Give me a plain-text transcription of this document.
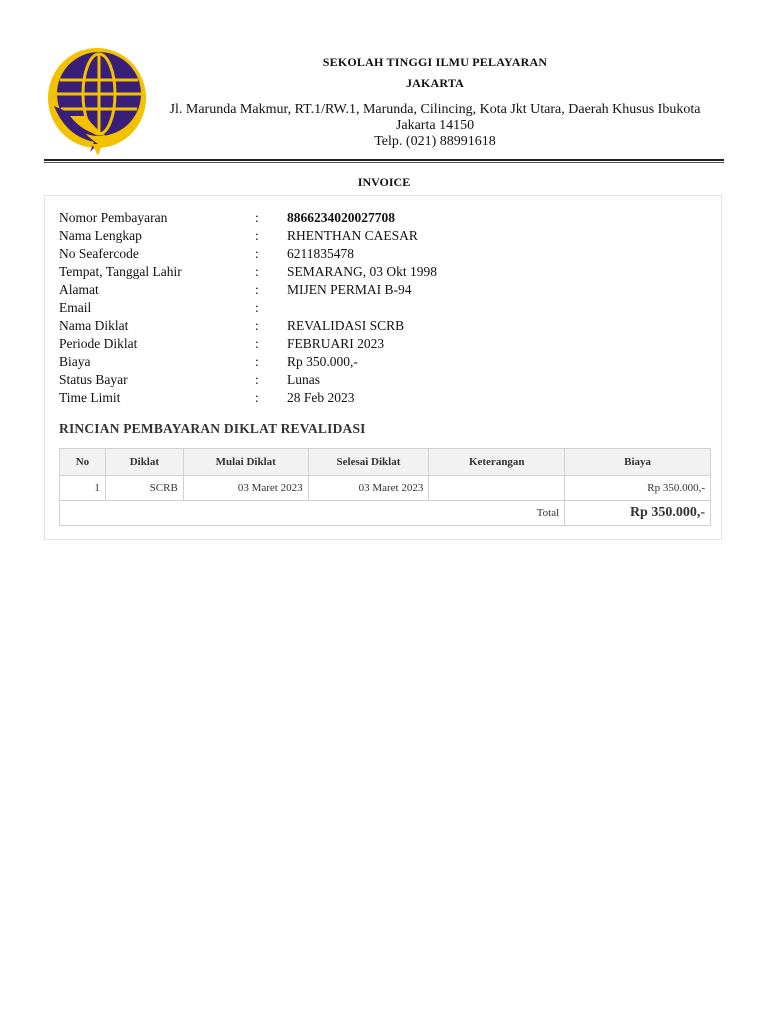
SEKOLAH TINGGI ILMU PELAYARAN
JAKARTA
Jl. Marunda Makmur, RT.1/RW.1, Marunda, Cilincing, Kota Jkt Utara, Daerah Khusus Ibukota Jakarta 14150
Telp. (021) 88991618
INVOICE
Nomor Pembayaran	: 8866234020027708
Nama Lengkap	: RHENTHAN CAESAR
No Seafercode	: 6211835478
Tempat, Tanggal Lahir	: SEMARANG, 03 Okt 1998
Alamat	: MIJEN PERMAI B-94
Email	:
Nama Diklat	: REVALIDASI SCRB
Periode Diklat	: FEBRUARI 2023
Biaya	: Rp 350.000,-
Status Bayar	: Lunas
Time Limit	: 28 Feb 2023
RINCIAN PEMBAYARAN DIKLAT REVALIDASI
No	Diklat	Mulai Diklat	Selesai Diklat	Keterangan	Biaya
1	SCRB	03 Maret 2023	03 Maret 2023		Rp 350.000,-
Total					Rp 350.000,-
